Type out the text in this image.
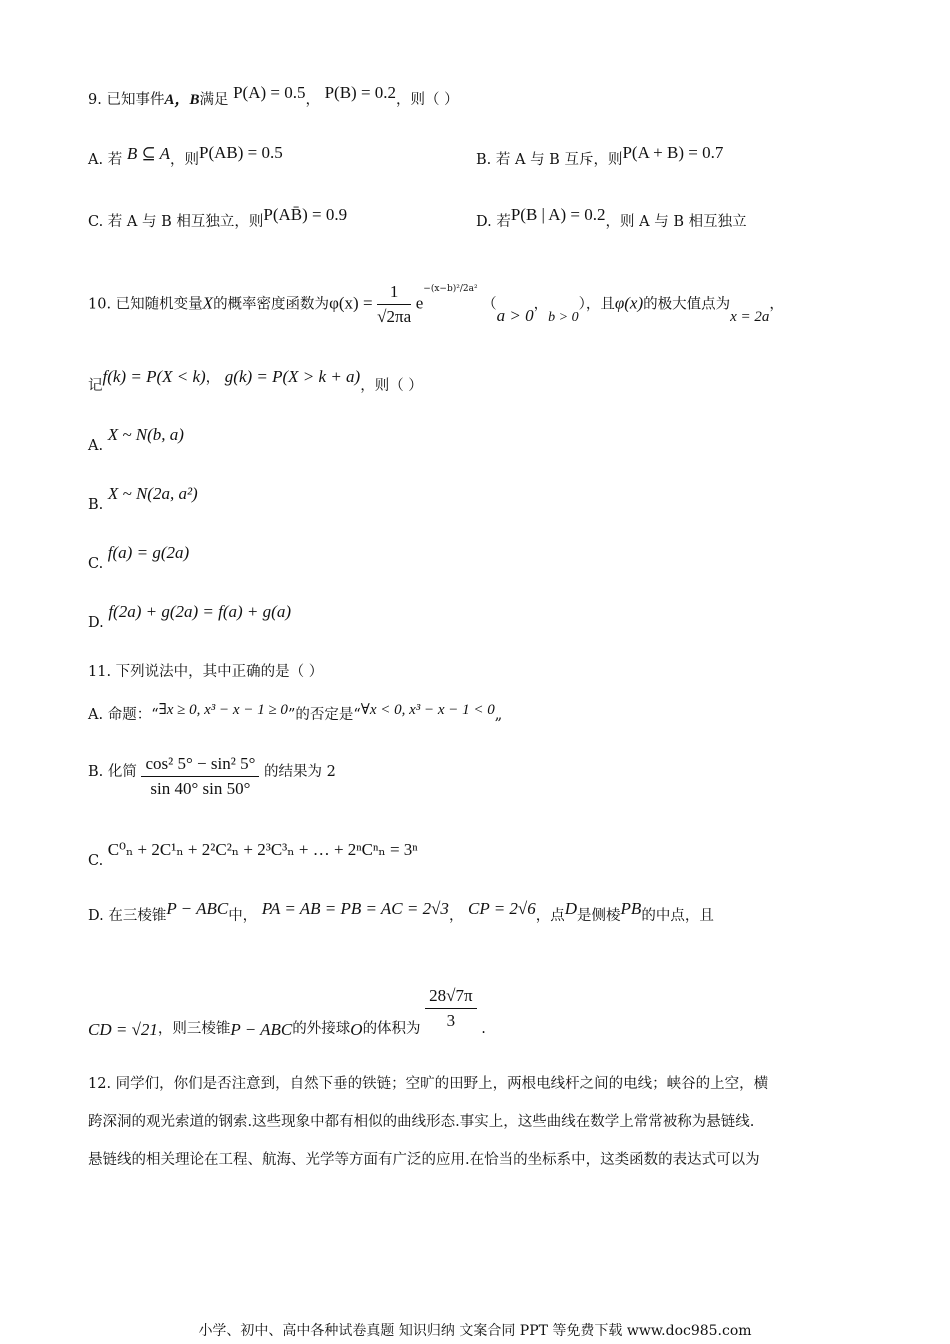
9. 已知事件A，B满足 P(A) = 0.5， P(B) = 0.2，则（ ）
A. 若 B ⊆ A，则P(AB) = 0.5	B. 若 A 与 B 互斥，则P(A + B) = 0.7
C. 若 A 与 B 相互独立，则P(AB̄) = 0.9	D. 若P(B | A) = 0.2，则 A 与 B 相互独立
10. 已知随机变量X的概率密度函数为$\varphi(x) = \frac{1}{√2\pi a} e^{-(x-b)^2/2a^2}$ （a > 0，b > 0），且φ(x)的极大值点为x = 2a，
记f(k) = P(X < k)， g(k) = P(X > k + a)，则（ ）
A. X ~ N(b, a)
B. X ~ N(2a, a²)
C. f(a) = g(2a)
D. f(2a) + g(2a) = f(a) + g(a)
11. 下列说法中，其中正确的是（ ）
A. 命题：“∃x ≥ 0, x³ − x − 1 ≥ 0”的否定是“∀x < 0, x³ − x − 1 < 0„
B. 化简 $\frac{\text{cos² 5° − sin² 5°}}{\sin 40^\circ \sin 50^\circ}$ 的结果为 2
C. C⁰ₙ + 2C¹ₙ + 2²C²ₙ + 2³C³ₙ + … + 2ⁿCⁿₙ = 3ⁿ
D. 在三棱锥P − ABC中， PA = AB = PB = AC = 2√3， CP = 2√6，点D是侧棱PB的中点，且
CD = √21，则三棱锥P − ABC的外接球O的体积为 $\frac{28√7\pi}{3}$ .
12. 同学们，你们是否注意到，自然下垂的铁链；空旷的田野上，两根电线杆之间的电线；峡谷的上空，横
跨深洞的观光索道的钢索.这些现象中都有相似的曲线形态.事实上，这些曲线在数学上常常被称为悬链线.
悬链线的相关理论在工程、航海、光学等方面有广泛的应用.在恰当的坐标系中，这类函数的表达式可以为
小学、初中、高中各种试卷真题 知识归纳 文案合同 PPT 等免费下载 www.doc985.com
